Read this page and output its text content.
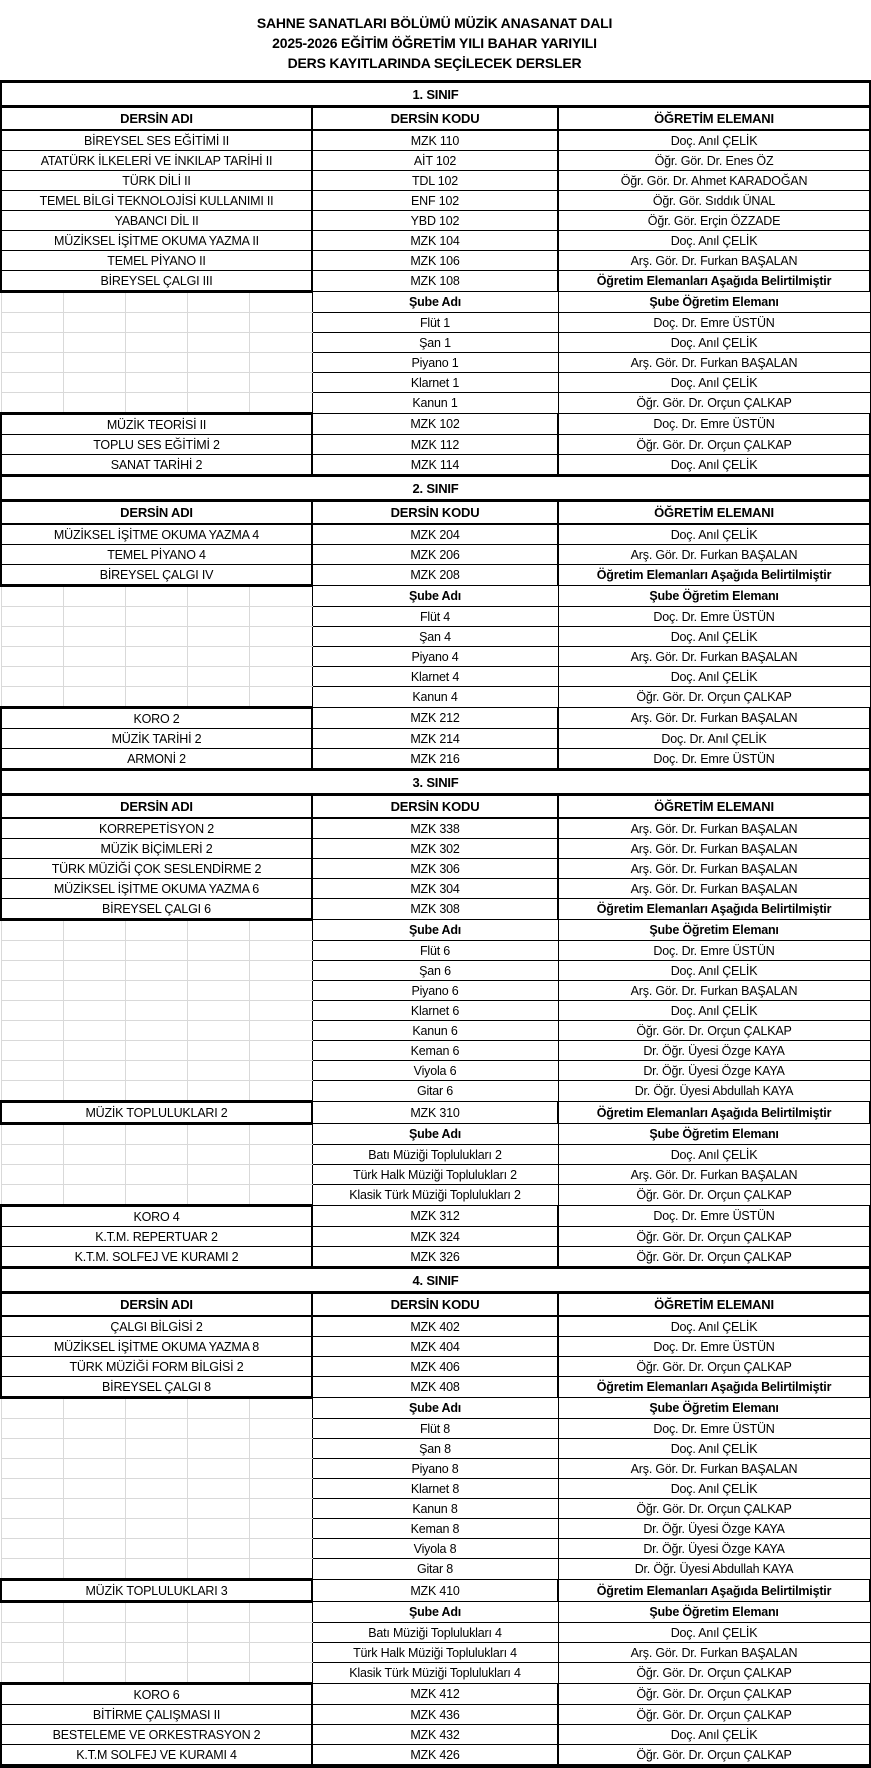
SAHNE SANATLARI BÖLÜMÜ MÜZİK ANASANAT DALI
2025-2026 EĞİTİM ÖĞRETİM YILI BAHAR YARIYILI
DERS KAYITLARINDA SEÇİLECEK DERSLER
1. SINIF		
DERSİN ADI	DERSİN KODU	ÖĞRETİM ELEMANI
BİREYSEL SES EĞİTİMİ II	MZK 110	Doç. Anıl ÇELİK
ATATÜRK İLKELERİ VE İNKILAP TARİHİ II	AİT 102	Öğr. Gör. Dr. Enes ÖZ
TÜRK DİLİ II	TDL 102	Öğr. Gör. Dr. Ahmet KARADOĞAN
TEMEL BİLGİ TEKNOLOJİSİ KULLANIMI II	ENF 102	Öğr. Gör. Sıddık ÜNAL
YABANCI DİL II	YBD 102	Öğr. Gör. Erçin ÖZZADE
MÜZİKSEL İŞİTME OKUMA YAZMA II	MZK 104	Doç. Anıl ÇELİK
TEMEL PİYANO II	MZK 106	Arş. Gör. Dr. Furkan BAŞALAN
BİREYSEL ÇALGI III	MZK 108	Öğretim Elemanları Aşağıda Belirtilmiştir

	Şube Adı	Şube Öğretim Elemanı

	Flüt 1	Doç. Dr. Emre ÜSTÜN

	Şan 1	Doç. Anıl ÇELİK

	Piyano 1	Arş. Gör. Dr. Furkan BAŞALAN

	Klarnet 1	Doç. Anıl ÇELİK

	Kanun 1	Öğr. Gör. Dr. Orçun ÇALKAP
MÜZİK TEORİSİ II	MZK 102	Doç. Dr. Emre ÜSTÜN
TOPLU SES EĞİTİMİ 2	MZK 112	Öğr. Gör. Dr. Orçun ÇALKAP
SANAT TARİHİ 2	MZK 114	Doç. Anıl ÇELİK
2. SINIF		
DERSİN ADI	DERSİN KODU	ÖĞRETİM ELEMANI
MÜZİKSEL İŞİTME OKUMA YAZMA 4	MZK 204	Doç. Anıl ÇELİK
TEMEL PİYANO 4	MZK 206	Arş. Gör. Dr. Furkan BAŞALAN
BİREYSEL ÇALGI IV	MZK 208	Öğretim Elemanları Aşağıda Belirtilmiştir

	Şube Adı	Şube Öğretim Elemanı

	Flüt 4	Doç. Dr. Emre ÜSTÜN

	Şan 4	Doç. Anıl ÇELİK

	Piyano 4	Arş. Gör. Dr. Furkan BAŞALAN

	Klarnet 4	Doç. Anıl ÇELİK

	Kanun 4	Öğr. Gör. Dr. Orçun ÇALKAP
KORO 2	MZK 212	Arş. Gör. Dr. Furkan BAŞALAN
MÜZİK TARİHİ 2	MZK 214	Doç. Dr. Anıl ÇELİK
ARMONİ 2	MZK 216	Doç. Dr. Emre ÜSTÜN
3. SINIF		
DERSİN ADI	DERSİN KODU	ÖĞRETİM ELEMANI
KORREPETİSYON 2	MZK 338	Arş. Gör. Dr. Furkan BAŞALAN
MÜZİK BİÇİMLERİ 2	MZK 302	Arş. Gör. Dr. Furkan BAŞALAN
TÜRK MÜZİĞİ ÇOK SESLENDİRME 2	MZK 306	Arş. Gör. Dr. Furkan BAŞALAN
MÜZİKSEL İŞİTME OKUMA YAZMA 6	MZK 304	Arş. Gör. Dr. Furkan BAŞALAN
BİREYSEL ÇALGI 6	MZK 308	Öğretim Elemanları Aşağıda Belirtilmiştir

	Şube Adı	Şube Öğretim Elemanı

	Flüt 6	Doç. Dr. Emre ÜSTÜN

	Şan 6	Doç. Anıl ÇELİK

	Piyano 6	Arş. Gör. Dr. Furkan BAŞALAN

	Klarnet 6	Doç. Anıl ÇELİK

	Kanun 6	Öğr. Gör. Dr. Orçun ÇALKAP

	Keman 6	Dr. Öğr. Üyesi Özge KAYA

	Viyola 6	Dr. Öğr. Üyesi Özge KAYA

	Gitar 6	Dr. Öğr. Üyesi Abdullah KAYA
MÜZİK TOPLULUKLARI 2	MZK 310	Öğretim Elemanları Aşağıda Belirtilmiştir

	Şube Adı	Şube Öğretim Elemanı

	Batı Müziği Toplulukları 2	Doç. Anıl ÇELİK

	Türk Halk Müziği Toplulukları 2	Arş. Gör. Dr. Furkan BAŞALAN

	Klasik Türk Müziği Toplulukları 2	Öğr. Gör. Dr. Orçun ÇALKAP
KORO 4	MZK 312	Doç. Dr. Emre ÜSTÜN
K.T.M. REPERTUAR 2	MZK 324	Öğr. Gör. Dr. Orçun ÇALKAP
K.T.M. SOLFEJ VE KURAMI 2	MZK 326	Öğr. Gör. Dr. Orçun ÇALKAP
4. SINIF		
DERSİN ADI	DERSİN KODU	ÖĞRETİM ELEMANI
ÇALGI BİLGİSİ 2	MZK 402	Doç. Anıl ÇELİK
MÜZİKSEL İŞİTME OKUMA YAZMA 8	MZK 404	Doç. Dr. Emre ÜSTÜN
TÜRK MÜZİĞİ FORM BİLGİSİ 2	MZK 406	Öğr. Gör. Dr. Orçun ÇALKAP
BİREYSEL ÇALGI 8	MZK 408	Öğretim Elemanları Aşağıda Belirtilmiştir

	Şube Adı	Şube Öğretim Elemanı

	Flüt 8	Doç. Dr. Emre ÜSTÜN

	Şan 8	Doç. Anıl ÇELİK

	Piyano 8	Arş. Gör. Dr. Furkan BAŞALAN

	Klarnet 8	Doç. Anıl ÇELİK

	Kanun 8	Öğr. Gör. Dr. Orçun ÇALKAP

	Keman 8	Dr. Öğr. Üyesi Özge KAYA

	Viyola 8	Dr. Öğr. Üyesi Özge KAYA

	Gitar 8	Dr. Öğr. Üyesi Abdullah KAYA
MÜZİK TOPLULUKLARI 3	MZK 410	Öğretim Elemanları Aşağıda Belirtilmiştir

	Şube Adı	Şube Öğretim Elemanı

	Batı Müziği Toplulukları 4	Doç. Anıl ÇELİK

	Türk Halk Müziği Toplulukları 4	Arş. Gör. Dr. Furkan BAŞALAN

	Klasik Türk Müziği Toplulukları 4	Öğr. Gör. Dr. Orçun ÇALKAP
KORO 6	MZK 412	Öğr. Gör. Dr. Orçun ÇALKAP
BİTİRME ÇALIŞMASI II	MZK 436	Öğr. Gör. Dr. Orçun ÇALKAP
BESTELEME VE ORKESTRASYON 2	MZK 432	Doç. Anıl ÇELİK
K.T.M SOLFEJ VE KURAMI 4	MZK 426	Öğr. Gör. Dr. Orçun ÇALKAP
